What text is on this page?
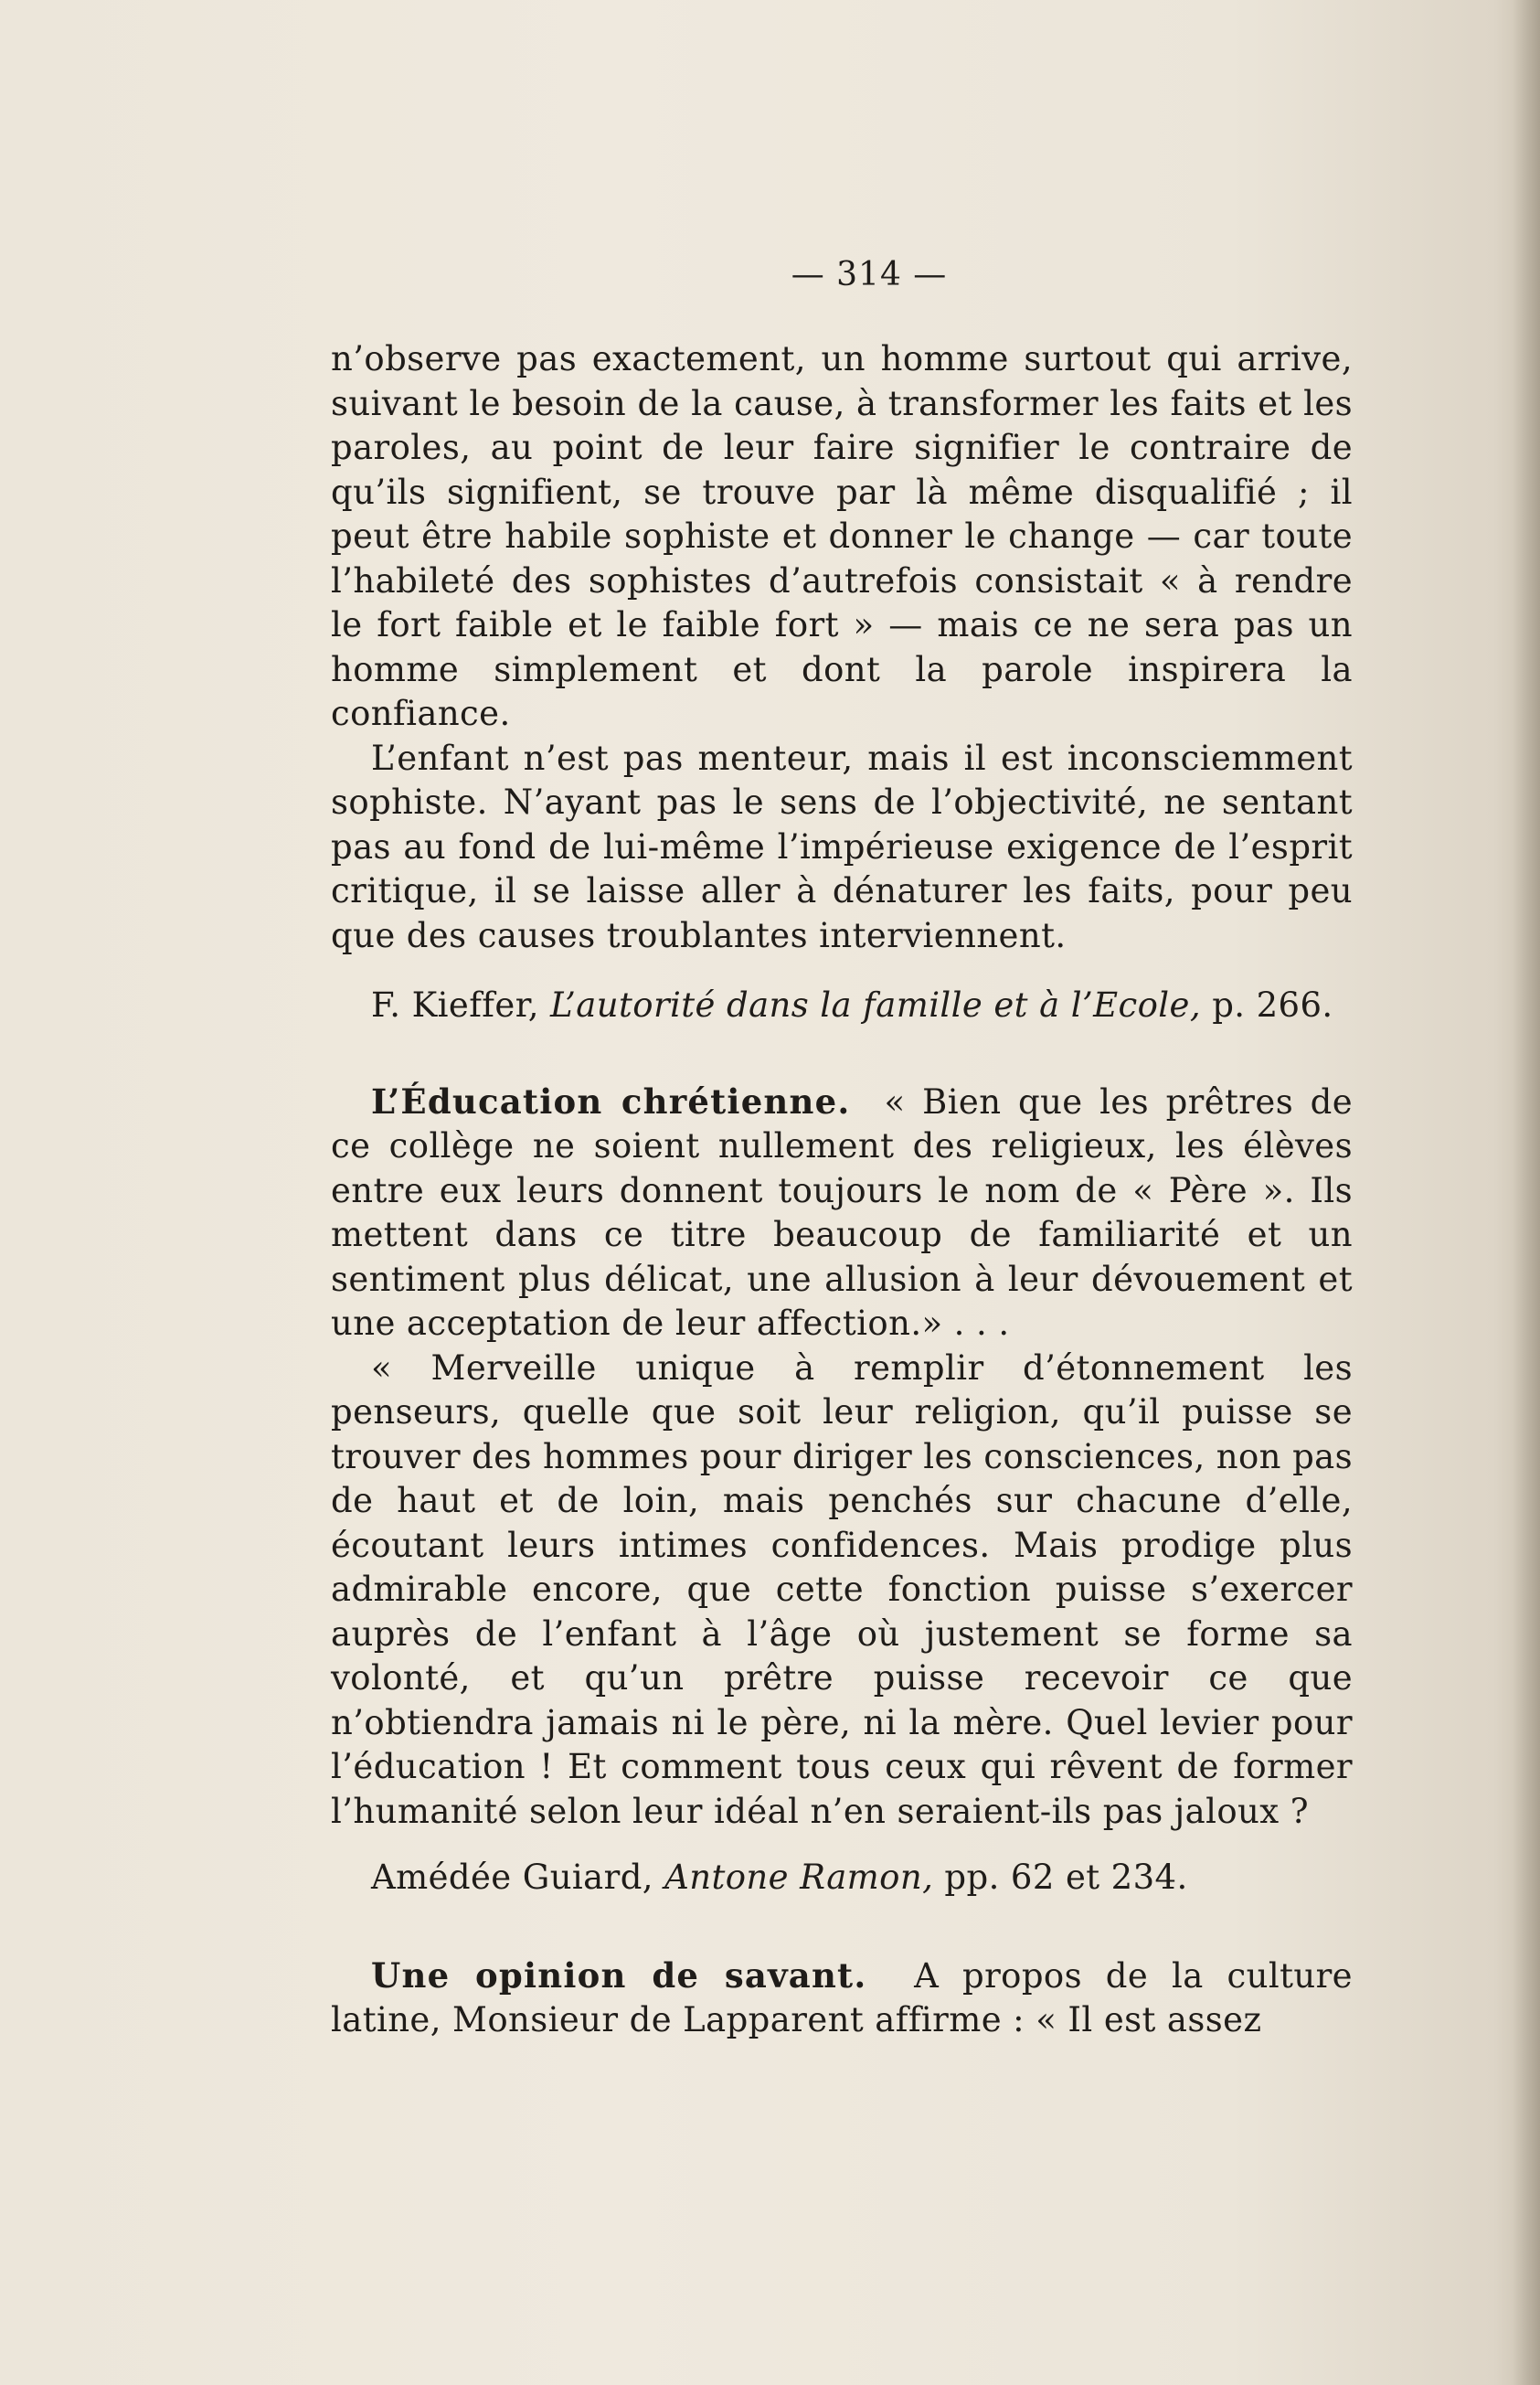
— 314 —

n’observe pas exactement, un homme surtout qui arrive, suivant le besoin de la cause, à transformer les faits et les paroles, au point de leur faire signifier le contraire de qu’ils signifient, se trouve par là même disqualifié ; il peut être habile sophiste et donner le change — car toute l’habileté des sophistes d’autrefois consistait « à rendre le fort faible et le faible fort » — mais ce ne sera pas un homme simplement et dont la parole inspirera la confiance.

L’enfant n’est pas menteur, mais il est inconsciemment sophiste. N’ayant pas le sens de l’objectivité, ne sentant pas au fond de lui-même l’impérieuse exigence de l’esprit critique, il se laisse aller à dénaturer les faits, pour peu que des causes troublantes interviennent.

F. Kieffer, L’autorité dans la famille et à l’Ecole, p. 266.

L’Éducation chrétienne. « Bien que les prêtres de ce collège ne soient nullement des religieux, les élèves entre eux leurs donnent toujours le nom de « Père ». Ils mettent dans ce titre beaucoup de familiarité et un sentiment plus délicat, une allusion à leur dévouement et une acceptation de leur affection.» . . .

« Merveille unique à remplir d’étonnement les penseurs, quelle que soit leur religion, qu’il puisse se trouver des hommes pour diriger les consciences, non pas de haut et de loin, mais penchés sur chacune d’elle, écoutant leurs intimes confidences. Mais prodige plus admirable encore, que cette fonction puisse s’exercer auprès de l’enfant à l’âge où justement se forme sa volonté, et qu’un prêtre puisse recevoir ce que n’obtiendra jamais ni le père, ni la mère. Quel levier pour l’éducation ! Et comment tous ceux qui rêvent de former l’humanité selon leur idéal n’en seraient-ils pas jaloux ?

Amédée Guiard, Antone Ramon, pp. 62 et 234.

Une opinion de savant. A propos de la culture latine, Monsieur de Lapparent affirme : « Il est assez
